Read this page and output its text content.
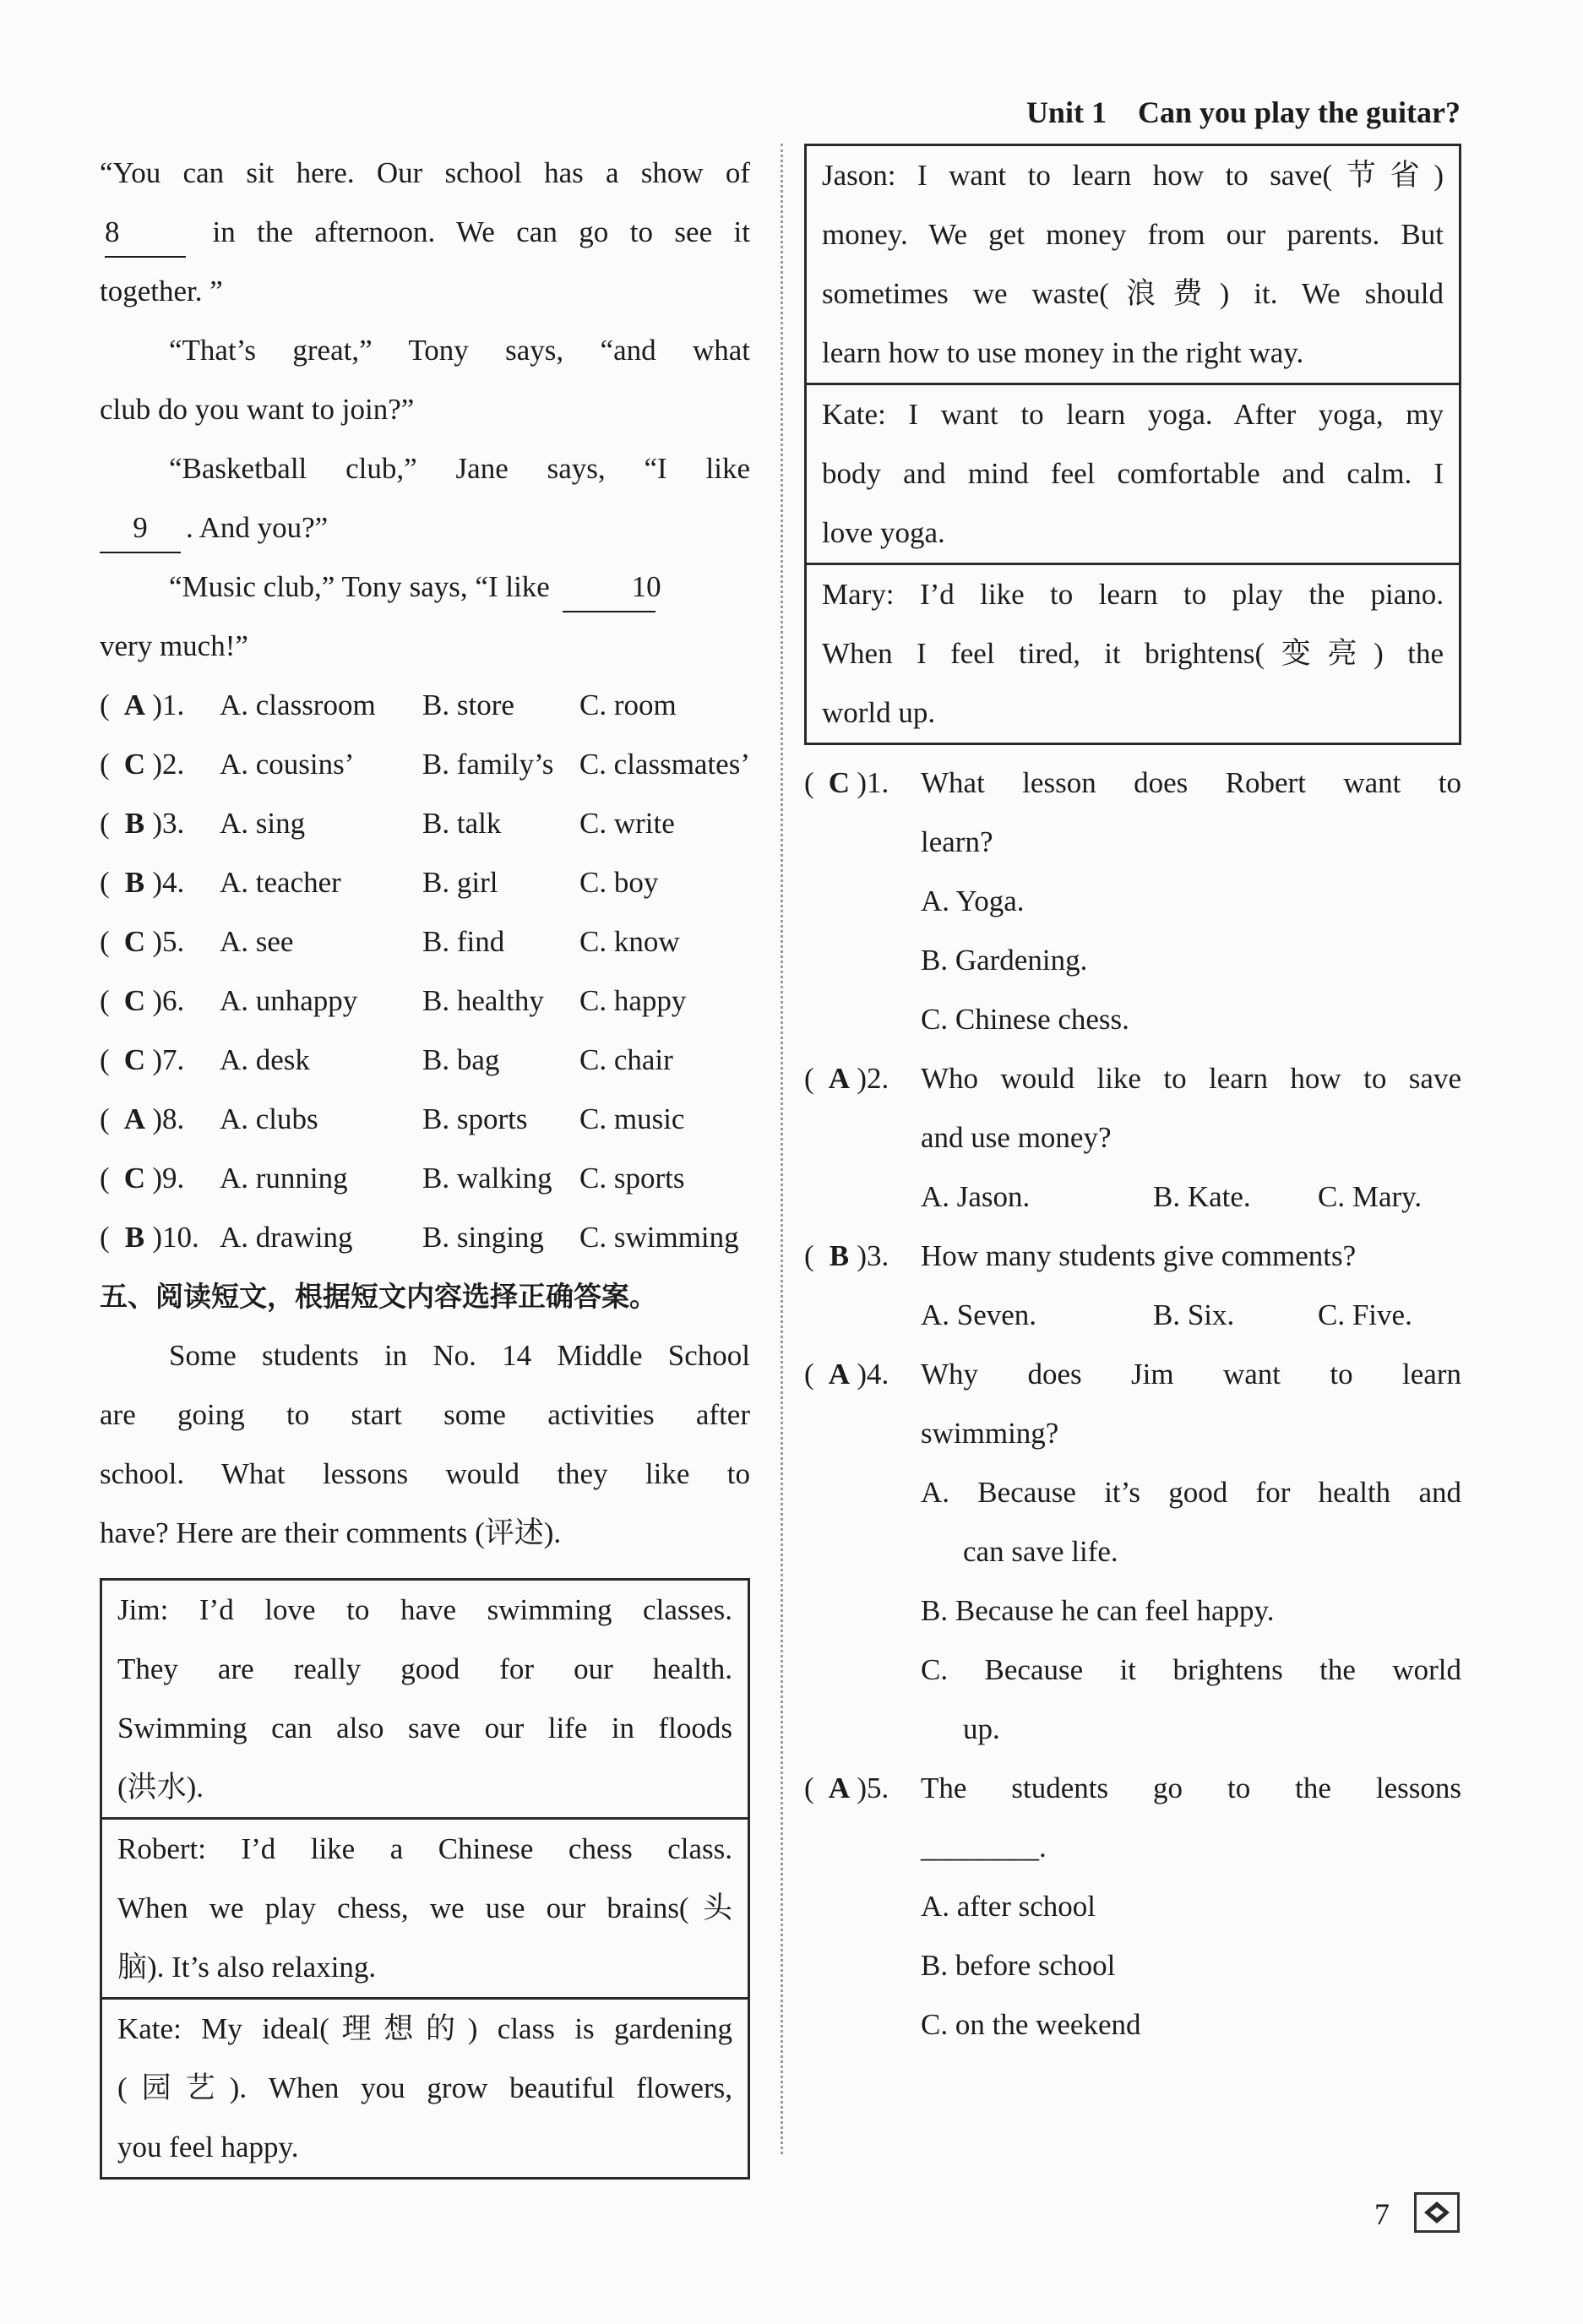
Unit 1 Can you play the guitar?

“You can sit here. Our school has a show of

8	in the afternoon. We can go to see it

together. ”

“That’s great,” Tony says, “and what

club do you want to join?”

“Basketball club,” Jane says, “I like

9 . And you?”

“Music club,” Tony says, “I like	10

very much!”

( A )1.	A. classroom	B. store	C. room
( C )2.	A. cousins’	B. family’s C. classmates’
( B )3.	A. sing	B. talk	C. write
( B )4.	A. teacher	B. girl	C. boy
( C )5.	A. see	B. find	C. know
( C )6.	A. unhappy	B. healthy	C. happy
( C )7.	A. desk	B. bag	C. chair
( A )8.	A. clubs	B. sports	C. music
( C )9.	A. running	B. walking C. sports
( B )10. A. drawing	B. singing	C. swimming

五、阅读短文，根据短文内容选择正确答案。

Some students in No. 14 Middle School

are going to start some activities after

school. What lessons would they like to

have? Here are their comments (评述).

Jim: I’d love to have swimming classes.

They are really good for our health.

Swimming can also save our life in floods

(洪水).

Robert: I’d like a Chinese chess class.

When we play chess, we use our brains(头

脑). It’s also relaxing.

Kate: My ideal(理想的) class is gardening

(园艺). When you grow beautiful flowers,

you feel happy.

Jason: I want to learn how to save(节省)

money. We get money from our parents. But

sometimes we waste(浪费) it. We should

learn how to use money in the right way.

Kate: I want to learn yoga. After yoga, my

body and mind feel comfortable and calm. I

love yoga.

Mary: I’d like to learn to play the piano.

When I feel tired, it brightens(变亮) the

world up.

( C )1.	What lesson does Robert want to

learn?

A. Yoga.

B. Gardening.

C. Chinese chess.

( A )2.	Who would like to learn how to save

and use money?

A. Jason.	B. Kate.	C. Mary.
( B )3.	How many students give comments?

A. Seven.	B. Six.	C. Five.
( A )4.	Why does Jim want to learn

swimming?

A. Because it’s good for health and

can save life.

B. Because he can feel happy.

C. Because it brightens the world

up.

( A )5.	The students go to the lessons

________.

A. after school

B. before school

C. on the weekend

7
